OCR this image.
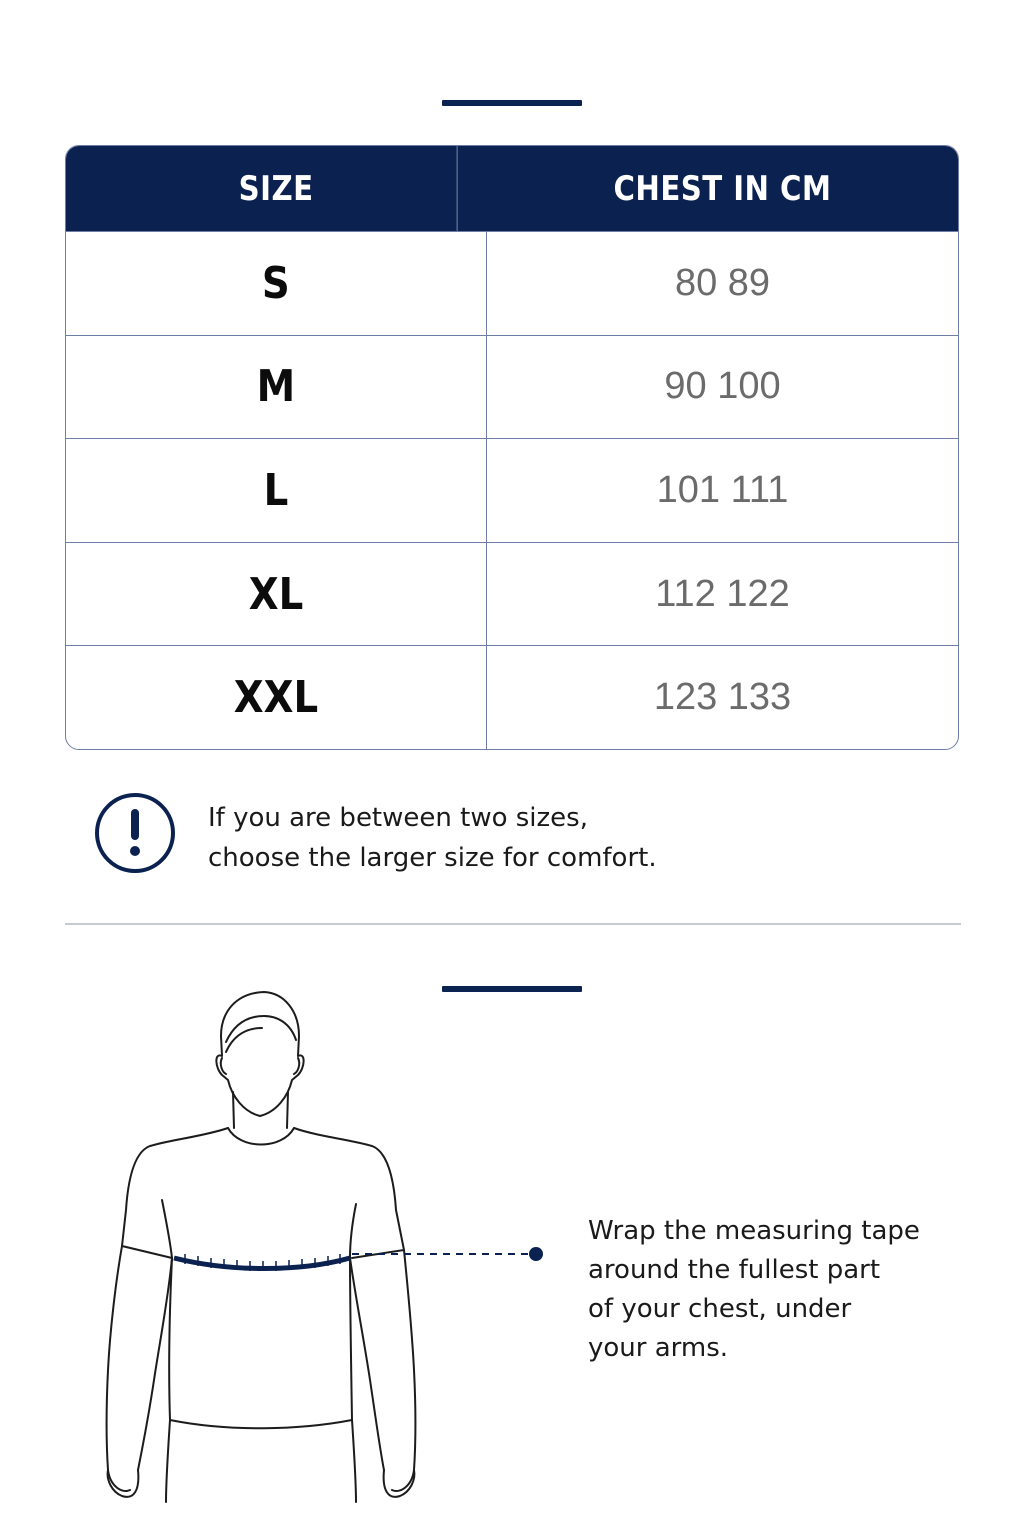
SIZE	CHEST IN CM
S	80 89
M	90 100
L	101 111
XL	112 122
XXL	123 133
If you are between two sizes,
choose the larger size for comfort.
Wrap the measuring tape
around the fullest part
of your chest, under
your arms.
